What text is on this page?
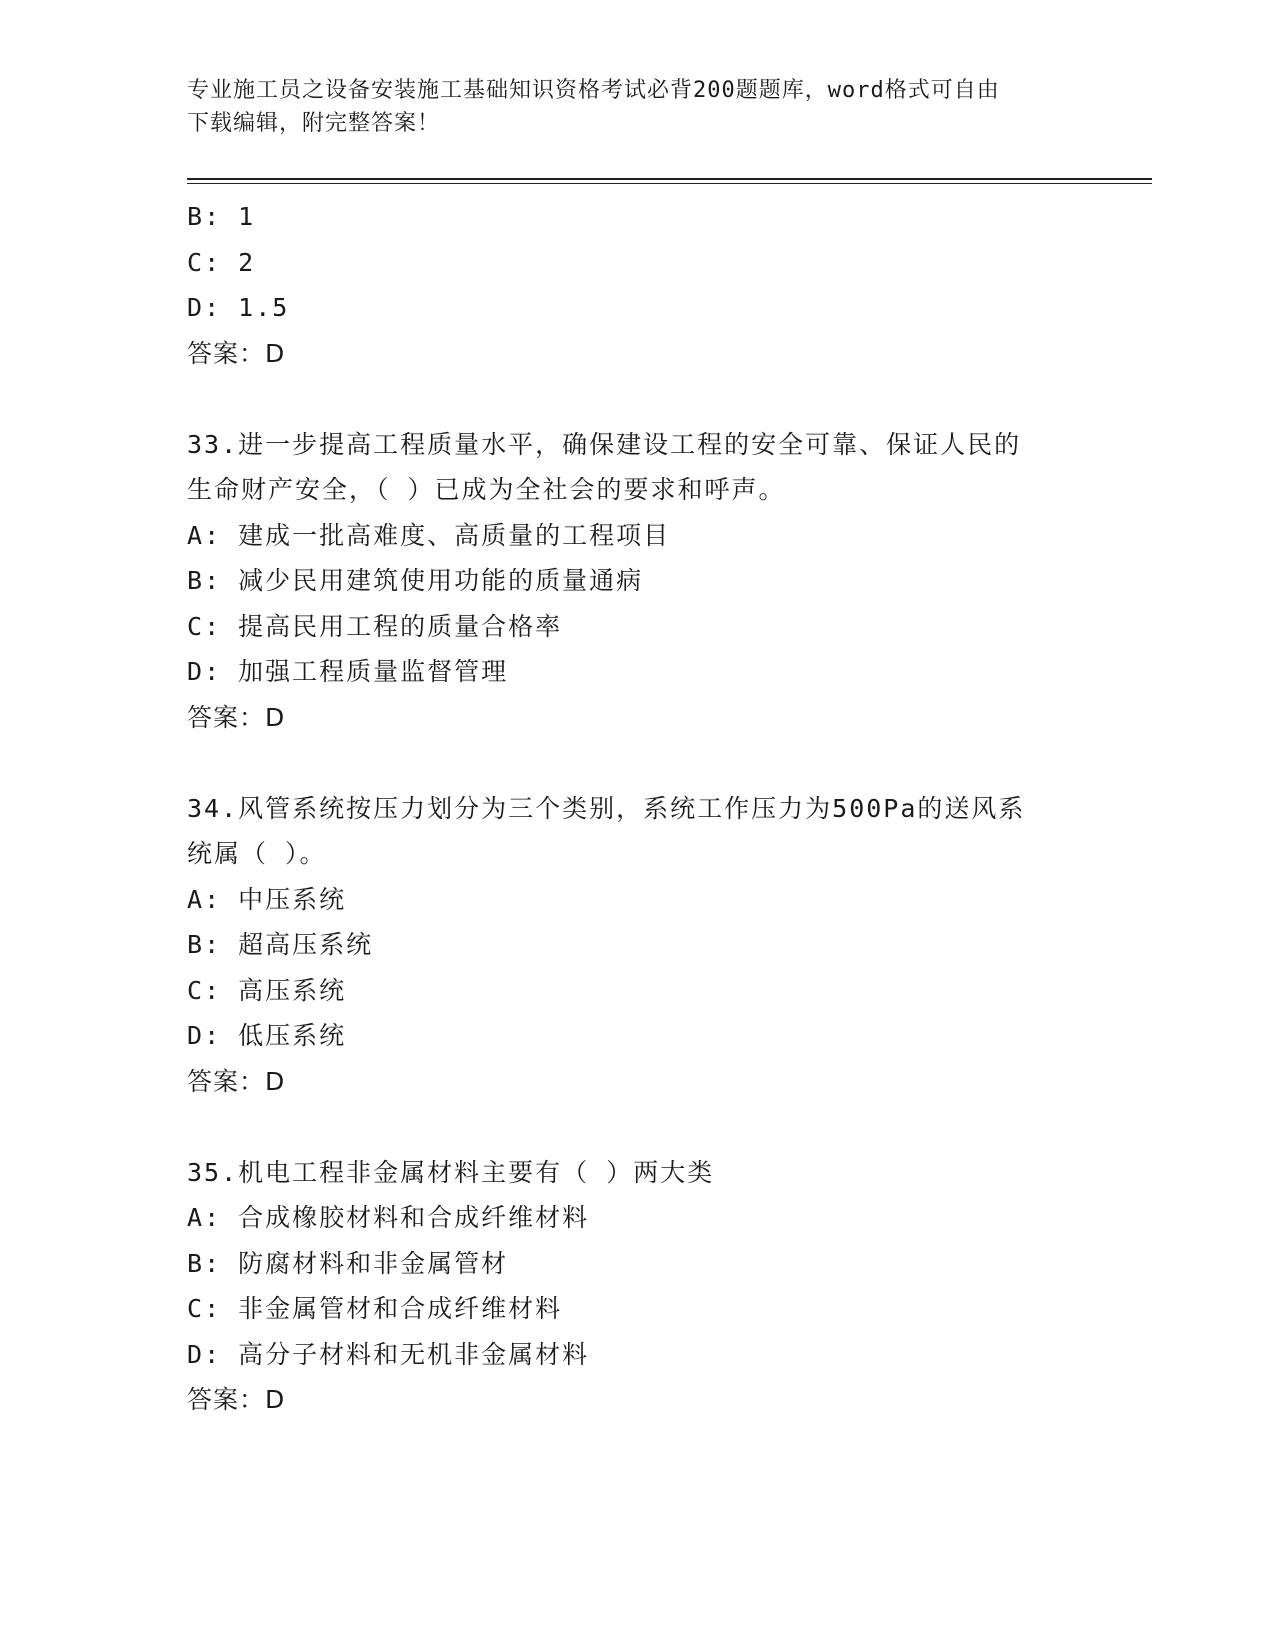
专业施工员之设备安装施工基础知识资格考试必背200题题库，word格式可自由
下载编辑，附完整答案！
B: 1
C: 2
D: 1.5
答案：D
33.进一步提高工程质量水平，确保建设工程的安全可靠、保证人民的
生命财产安全，（ ）已成为全社会的要求和呼声。
A: 建成一批高难度、高质量的工程项目
B: 减少民用建筑使用功能的质量通病
C: 提高民用工程的质量合格率
D: 加强工程质量监督管理
答案：D
34.风管系统按压力划分为三个类别，系统工作压力为500Pa的送风系
统属（ ）。
A: 中压系统
B: 超高压系统
C: 高压系统
D: 低压系统
答案：D
35.机电工程非金属材料主要有（ ）两大类
A: 合成橡胶材料和合成纤维材料
B: 防腐材料和非金属管材
C: 非金属管材和合成纤维材料
D: 高分子材料和无机非金属材料
答案：D
